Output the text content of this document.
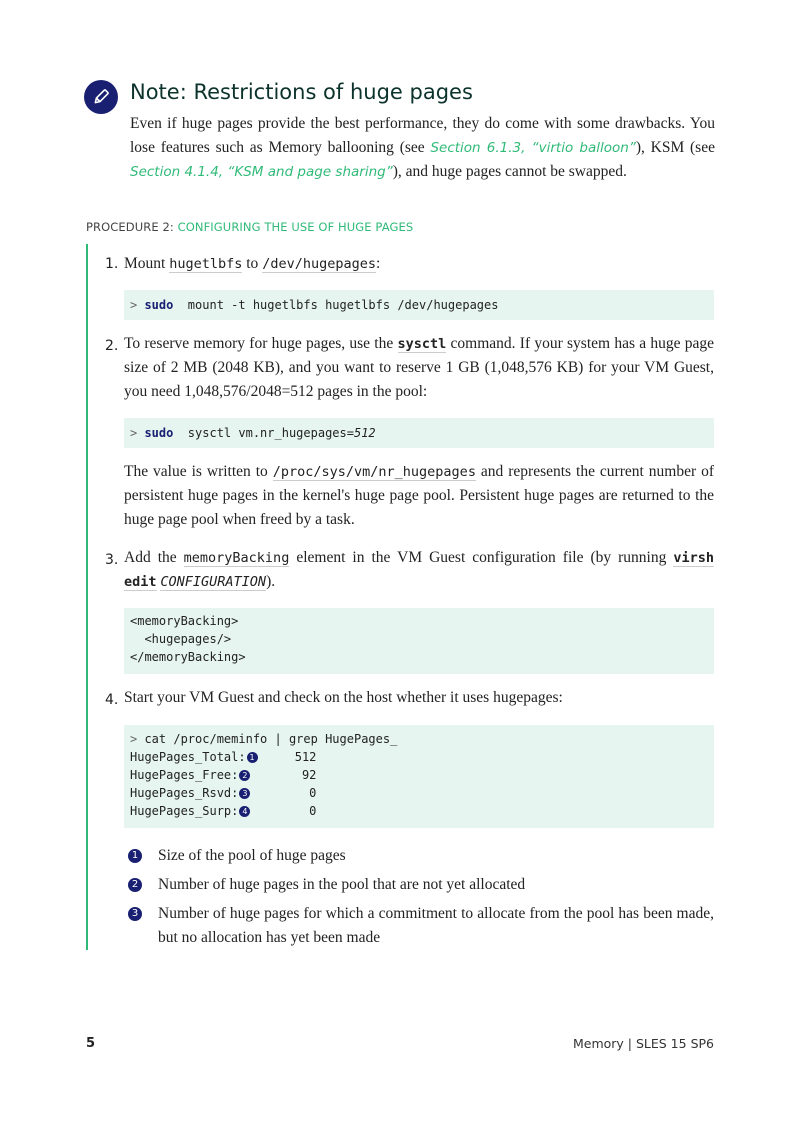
Note: Restrictions of huge pages

Even if huge pages provide the best performance, they do come with some drawbacks. You lose features such as Memory ballooning (see Section 6.1.3, “virtio balloon”), KSM (see Section 4.1.4, “KSM and page sharing”), and huge pages cannot be swapped.

PROCEDURE 2: CONFIGURING THE USE OF HUGE PAGES
1. Mount hugetlbfs to /dev/hugepages:

> sudo  mount -t hugetlbfs hugetlbfs /dev/hugepages
2. To reserve memory for huge pages, use the sysctl command. If your system has a huge page size of 2 MB (2048 KB), and you want to reserve 1 GB (1,048,576 KB) for your VM Guest, you need 1,048,576/2048=512 pages in the pool:

> sudo  sysctl vm.nr_hugepages=512

The value is written to /proc/sys/vm/nr_hugepages and represents the current number of persistent huge pages in the kernel's huge page pool. Persistent huge pages are returned to the huge page pool when freed by a task.

3. Add the memoryBacking element in the VM Guest configuration file (by running virsh edit CONFIGURATION).

<memoryBacking>
<hugepages/>
</memoryBacking>
4. Start your VM Guest and check on the host whether it uses hugepages:

> cat /proc/meminfo | grep HugePages_
HugePages_Total: 1	512
HugePages_Free: 2	92
HugePages_Rsvd: 3	0
HugePages_Surp: 4	0
1 Size of the pool of huge pages

2 Number of huge pages in the pool that are not yet allocated

3 Number of huge pages for which a commitment to allocate from the pool has been made, but no allocation has yet been made

5	Memory | SLES 15 SP6
